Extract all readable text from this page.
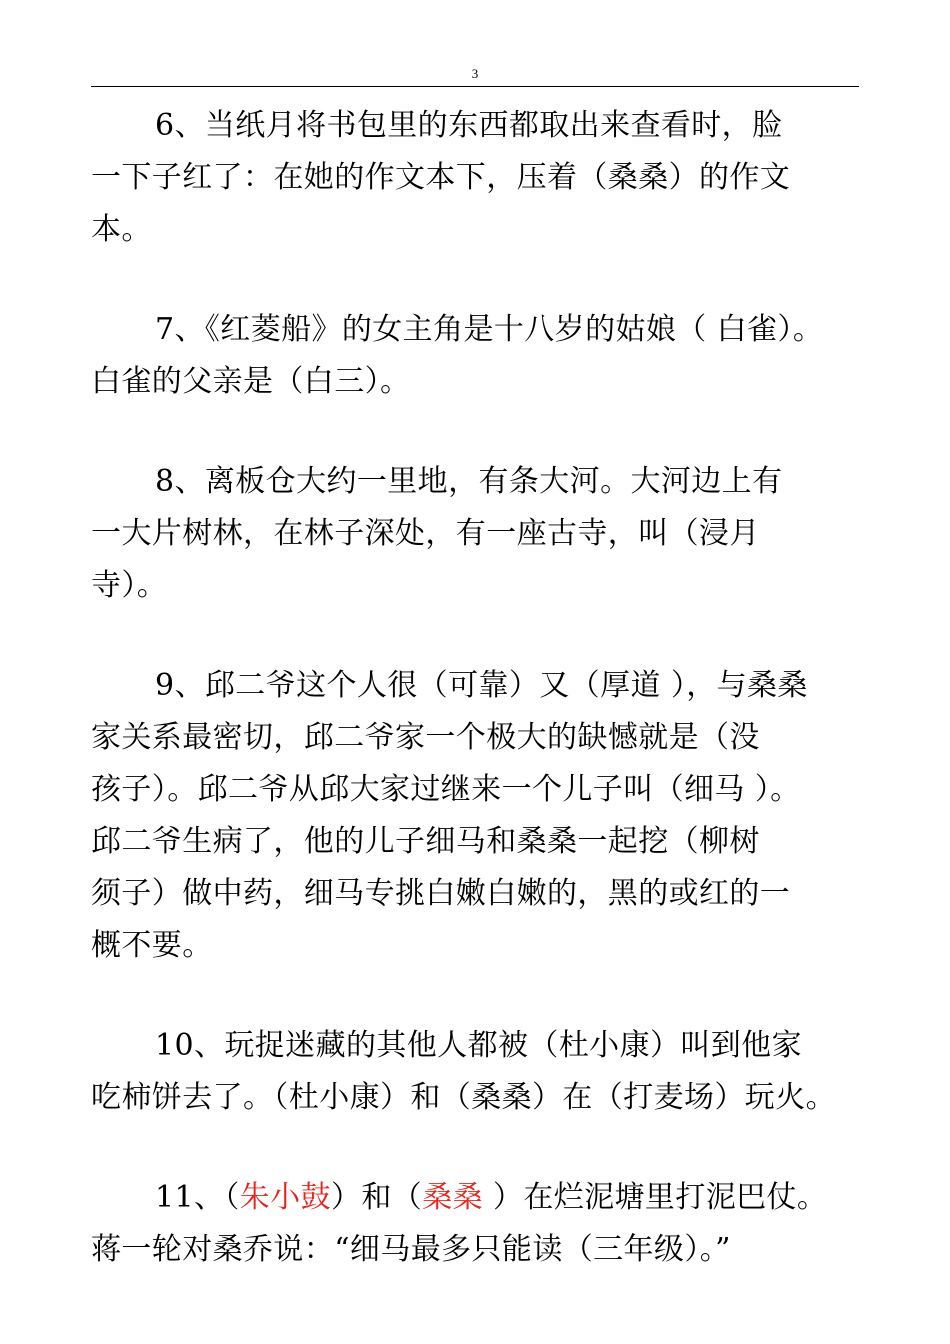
3

6、当纸月将书包里的东西都取出来查看时，脸
一下子红了：在她的作文本下，压着（桑桑）的作文
本。

7、《红菱船》的女主角是十八岁的姑娘（ 白雀）。
白雀的父亲是（白三）。

8、离板仓大约一里地，有条大河。大河边上有
一大片树林，在林子深处，有一座古寺，叫（浸月
寺）。

9、邱二爷这个人很（可靠）又（厚道 ），与桑桑
家关系最密切，邱二爷家一个极大的缺憾就是（没
孩子）。邱二爷从邱大家过继来一个儿子叫（细马 ）。
邱二爷生病了，他的儿子细马和桑桑一起挖（柳树
须子）做中药，细马专挑白嫩白嫩的，黑的或红的一
概不要。

10、玩捉迷藏的其他人都被（杜小康）叫到他家
吃柿饼去了。（杜小康）和（桑桑）在（打麦场）玩火。

11、（朱小鼓）和（桑桑 ）在烂泥塘里打泥巴仗。
蒋一轮对桑乔说：“细马最多只能读（三年级）。”
